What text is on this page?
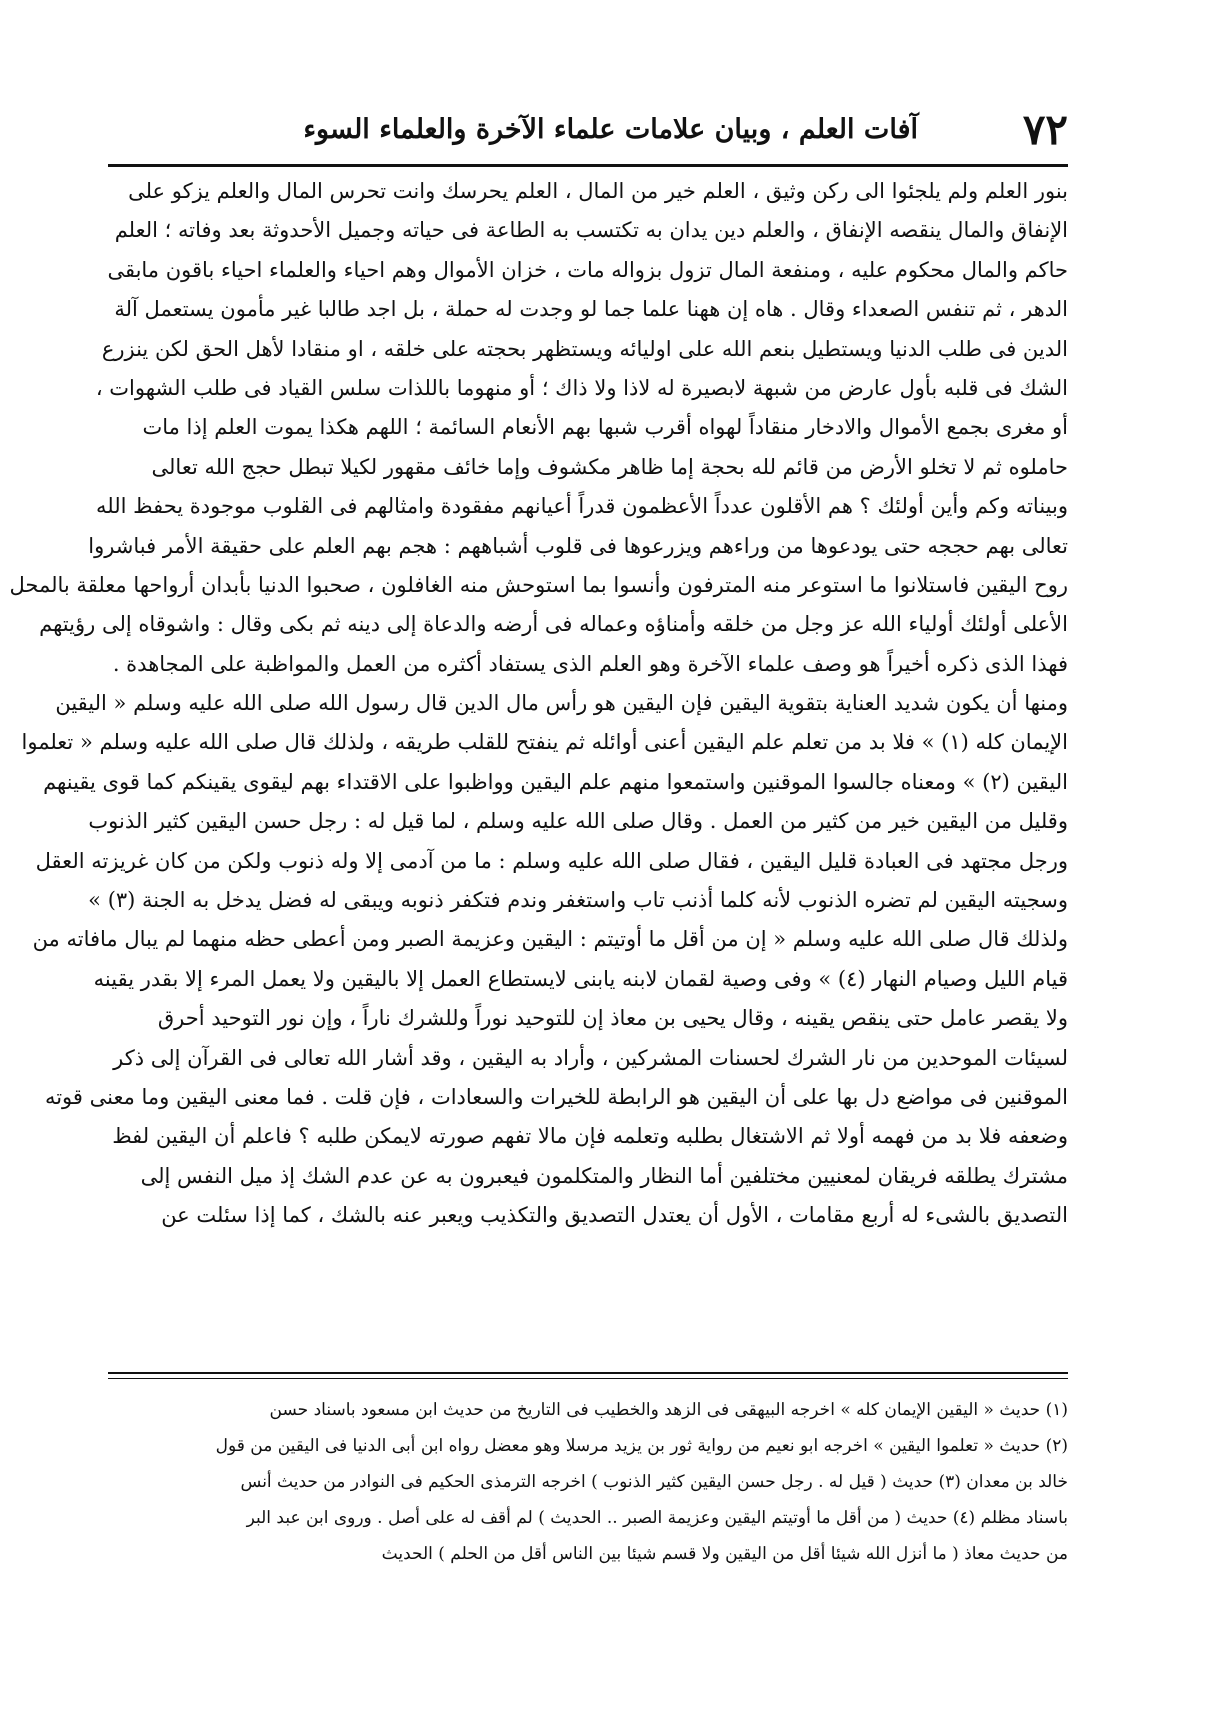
٧٢
آفات العلم ، وبيان علامات علماء الآخرة والعلماء السوء
بنور العلم ولم يلجئوا الى ركن وثيق ، العلم خير من المال ، العلم يحرسك وانت تحرس المال والعلم يزكو على
الإنفاق والمال ينقصه الإنفاق ، والعلم دين يدان به تكتسب به الطاعة فى حياته وجميل الأحدوثة بعد وفاته ؛ العلم
حاكم والمال محكوم عليه ، ومنفعة المال تزول بزواله مات ، خزان الأموال وهم احياء والعلماء احياء باقون مابقى
الدهر ، ثم تنفس الصعداء وقال . هاه إن ههنا علما جما لو وجدت له حملة ، بل اجد طالبا غير مأمون يستعمل آلة
الدين فى طلب الدنيا ويستطيل بنعم الله على اوليائه ويستظهر بحجته على خلقه ، او منقادا لأهل الحق لكن ينزرع
الشك فى قلبه بأول عارض من شبهة لابصيرة له لاذا ولا ذاك ؛ أو منهوما باللذات سلس القياد فى طلب الشهوات ،
أو مغرى بجمع الأموال والادخار منقاداً لهواه أقرب شبها بهم الأنعام السائمة ؛ اللهم هكذا يموت العلم إذا مات
حاملوه ثم لا تخلو الأرض من قائم لله بحجة إما ظاهر مكشوف وإما خائف مقهور لكيلا تبطل حجج الله تعالى
وبيناته وكم وأين أولئك ؟ هم الأقلون عدداً الأعظمون قدراً أعيانهم مفقودة وامثالهم فى القلوب موجودة يحفظ الله
تعالى بهم حججه حتى يودعوها من وراءهم ويزرعوها فى قلوب أشباههم : هجم بهم العلم على حقيقة الأمر فباشروا
روح اليقين فاستلانوا ما استوعر منه المترفون وأنسوا بما استوحش منه الغافلون ، صحبوا الدنيا بأبدان أرواحها معلقة بالمحل
الأعلى أولئك أولياء الله عز وجل من خلقه وأمناؤه وعماله فى أرضه والدعاة إلى دينه ثم بكى وقال : واشوقاه إلى رؤيتهم
فهذا الذى ذكره أخيراً هو وصف علماء الآخرة وهو العلم الذى يستفاد أكثره من العمل والمواظبة على المجاهدة .
ومنها أن يكون شديد العناية بتقوية اليقين فإن اليقين هو رأس مال الدين قال رسول الله صلى الله عليه وسلم « اليقين
الإيمان كله (١) » فلا بد من تعلم علم اليقين أعنى أوائله ثم ينفتح للقلب طريقه ، ولذلك قال صلى الله عليه وسلم « تعلموا
اليقين (٢) » ومعناه جالسوا الموقنين واستمعوا منهم علم اليقين وواظبوا على الاقتداء بهم ليقوى يقينكم كما قوى يقينهم
وقليل من اليقين خير من كثير من العمل . وقال صلى الله عليه وسلم ، لما قيل له : رجل حسن اليقين كثير الذنوب
ورجل مجتهد فى العبادة قليل اليقين ، فقال صلى الله عليه وسلم : ما من آدمى إلا وله ذنوب ولكن من كان غريزته العقل
وسجيته اليقين لم تضره الذنوب لأنه كلما أذنب تاب واستغفر وندم فتكفر ذنوبه ويبقى له فضل يدخل به الجنة (٣) »
ولذلك قال صلى الله عليه وسلم « إن من أقل ما أوتيتم : اليقين وعزيمة الصبر ومن أعطى حظه منهما لم يبال مافاته من
قيام الليل وصيام النهار (٤) » وفى وصية لقمان لابنه يابنى لايستطاع العمل إلا باليقين ولا يعمل المرء إلا بقدر يقينه
ولا يقصر عامل حتى ينقص يقينه ، وقال يحيى بن معاذ إن للتوحيد نوراً وللشرك ناراً ، وإن نور التوحيد أحرق
لسيئات الموحدين من نار الشرك لحسنات المشركين ، وأراد به اليقين ، وقد أشار الله تعالى فى القرآن إلى ذكر
الموقنين فى مواضع دل بها على أن اليقين هو الرابطة للخيرات والسعادات ، فإن قلت . فما معنى اليقين وما معنى قوته
وضعفه فلا بد من فهمه أولا ثم الاشتغال بطلبه وتعلمه فإن مالا تفهم صورته لايمكن طلبه ؟ فاعلم أن اليقين لفظ
مشترك يطلقه فريقان لمعنيين مختلفين أما النظار والمتكلمون فيعبرون به عن عدم الشك إذ ميل النفس إلى
التصديق بالشىء له أربع مقامات ، الأول أن يعتدل التصديق والتكذيب ويعبر عنه بالشك ، كما إذا سئلت عن
(١) حديث « اليقين الإيمان كله » اخرجه البيهقى فى الزهد والخطيب فى التاريخ من حديث ابن مسعود باسناد حسن
(٢) حديث « تعلموا اليقين » اخرجه ابو نعيم من رواية ثور بن يزيد مرسلا وهو معضل رواه ابن أبى الدنيا فى اليقين من قول
خالد بن معدان (٣) حديث ( قيل له . رجل حسن اليقين كثير الذنوب ) اخرجه الترمذى الحكيم فى النوادر من حديث أنس
باسناد مظلم (٤) حديث ( من أقل ما أوتيتم اليقين وعزيمة الصبر .. الحديث ) لم أقف له على أصل . وروى ابن عبد البر
من حديث معاذ ( ما أنزل الله شيئا أقل من اليقين ولا قسم شيئا بين الناس أقل من الحلم ) الحديث
